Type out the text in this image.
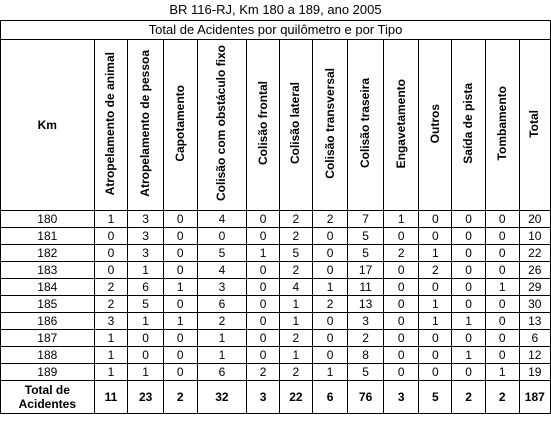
BR 116-RJ, Km 180 a 189, ano 2005
Total de Acidentes por quilômetro e por Tipo													
Km	Atropelamento de animal	Atropelamento de pessoa	Capotamento	Colisão com obstáculo fixo	Colisão frontal	Colisão lateral	Colisão transversal	Colisão traseira	Engavetamento	Outros	Saída de pista	Tombamento	Total
180	1	3	0	4	0	2	2	7	1	0	0	0	20
181	0	3	0	0	0	2	0	5	0	0	0	0	10
182	0	3	0	5	1	5	0	5	2	1	0	0	22
183	0	1	0	4	0	2	0	17	0	2	0	0	26
184	2	6	1	3	0	4	1	11	0	0	0	1	29
185	2	5	0	6	0	1	2	13	0	1	0	0	30
186	3	1	1	2	0	1	0	3	0	1	1	0	13
187	1	0	0	1	0	2	0	2	0	0	0	0	6
188	1	0	0	1	0	1	0	8	0	0	1	0	12
189	1	1	0	6	2	2	1	5	0	0	0	1	19
Total de Acidentes	11	23	2	32	3	22	6	76	3	5	2	2	187
